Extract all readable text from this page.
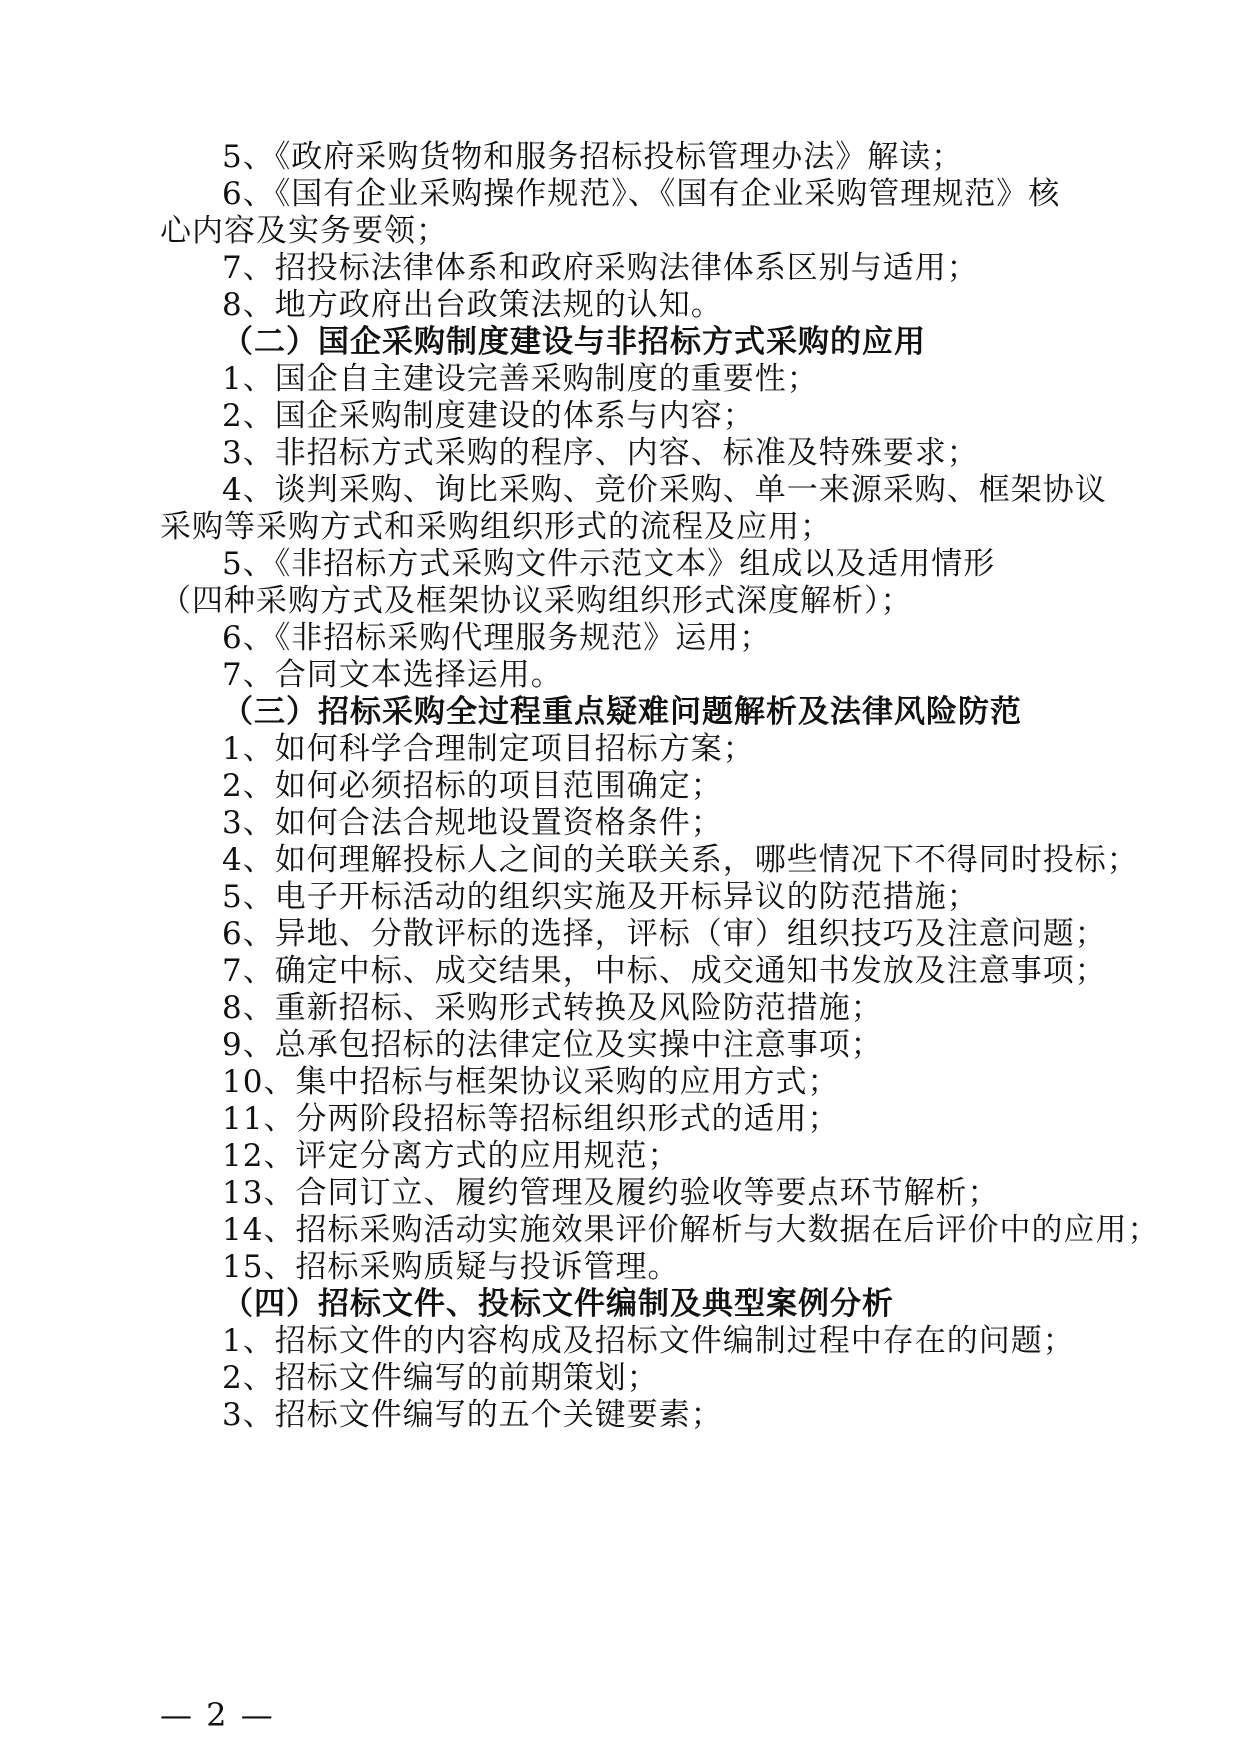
5、《政府采购货物和服务招标投标管理办法》解读；
6、《国有企业采购操作规范》、《国有企业采购管理规范》核
心内容及实务要领；
7、招投标法律体系和政府采购法律体系区别与适用；
8、地方政府出台政策法规的认知。
（二）国企采购制度建设与非招标方式采购的应用
1、国企自主建设完善采购制度的重要性；
2、国企采购制度建设的体系与内容；
3、非招标方式采购的程序、内容、标准及特殊要求；
4、谈判采购、询比采购、竞价采购、单一来源采购、框架协议
采购等采购方式和采购组织形式的流程及应用；
5、《非招标方式采购文件示范文本》组成以及适用情形
（四种采购方式及框架协议采购组织形式深度解析）；
6、《非招标采购代理服务规范》运用；
7、合同文本选择运用。
（三）招标采购全过程重点疑难问题解析及法律风险防范
1、如何科学合理制定项目招标方案；
2、如何必须招标的项目范围确定；
3、如何合法合规地设置资格条件；
4、如何理解投标人之间的关联关系，哪些情况下不得同时投标；
5、电子开标活动的组织实施及开标异议的防范措施；
6、异地、分散评标的选择，评标（审）组织技巧及注意问题；
7、确定中标、成交结果，中标、成交通知书发放及注意事项；
8、重新招标、采购形式转换及风险防范措施；
9、总承包招标的法律定位及实操中注意事项；
10、集中招标与框架协议采购的应用方式；
11、分两阶段招标等招标组织形式的适用；
12、评定分离方式的应用规范；
13、合同订立、履约管理及履约验收等要点环节解析；
14、招标采购活动实施效果评价解析与大数据在后评价中的应用；
15、招标采购质疑与投诉管理。
（四）招标文件、投标文件编制及典型案例分析
1、招标文件的内容构成及招标文件编制过程中存在的问题；
2、招标文件编写的前期策划；
3、招标文件编写的五个关键要素；
— 2 —
